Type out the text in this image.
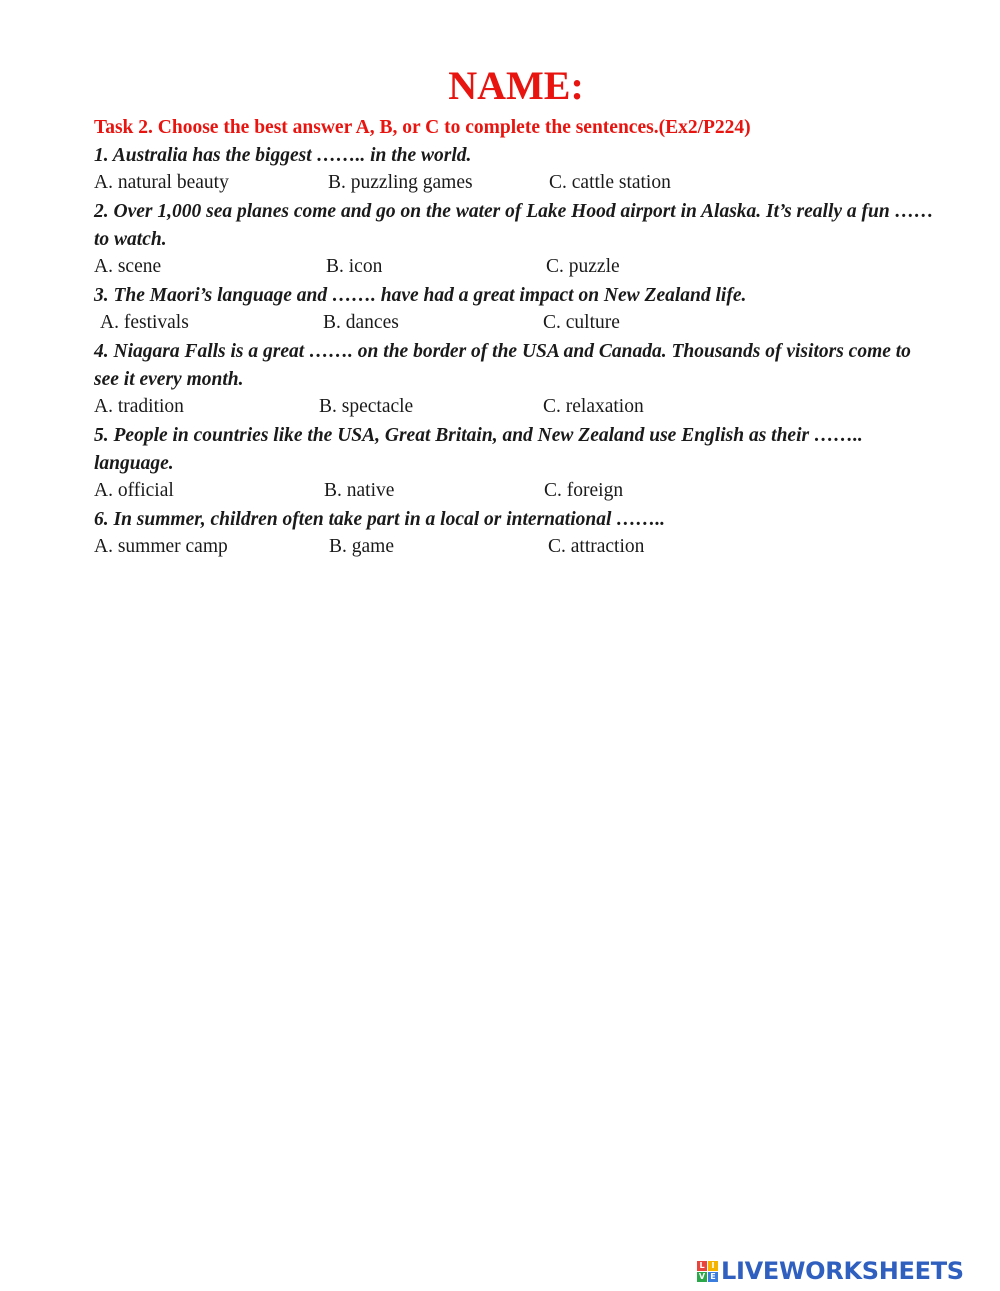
NAME:
Task 2. Choose the best answer A, B, or C to complete the sentences.(Ex2/P224)
1. Australia has the biggest …….. in the world.
A. natural beauty	B. puzzling games	C. cattle station
2. Over 1,000 sea planes come and go on the water of Lake Hood airport in Alaska. It’s really a fun …… to watch.
A. scene	B. icon	C. puzzle
3. The Maori’s language and ……. have had a great impact on New Zealand life.
A. festivals	B. dances	C. culture
4. Niagara Falls is a great ……. on the border of the USA and Canada. Thousands of visitors come to see it every month.
A. tradition	B. spectacle	C. relaxation
5. People in countries like the USA, Great Britain, and New Zealand use English as their …….. language.
A. official	B. native	C. foreign
6. In summer, children often take part in a local or international ……..
A. summer camp	B. game	C. attraction
L I
V E LIVEWORKSHEETS
